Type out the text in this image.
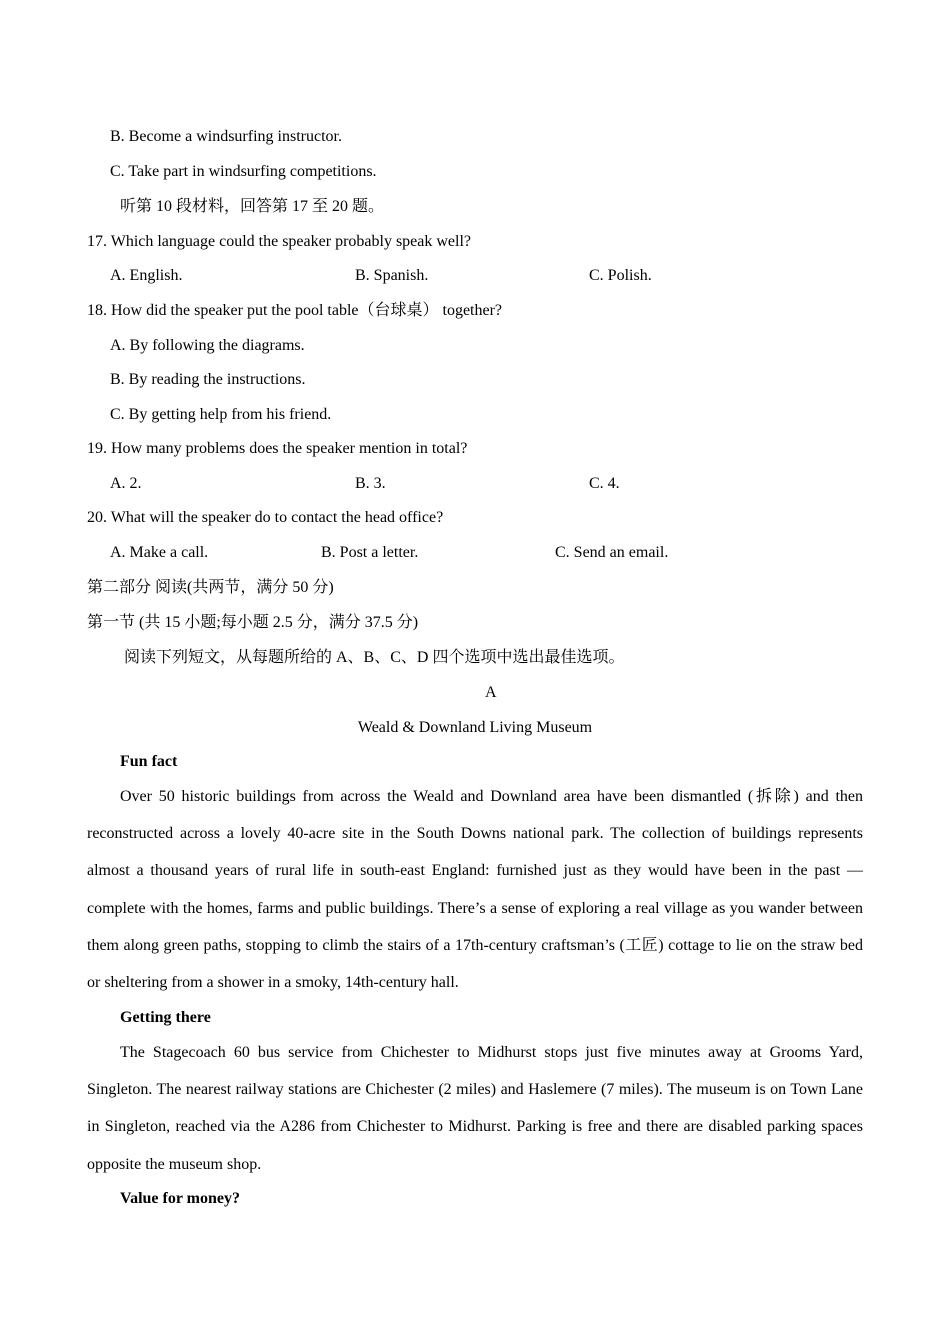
B. Become a windsurfing instructor.
C. Take part in windsurfing competitions.
听第 10 段材料，回答第 17 至 20 题。
17. Which language could the speaker probably speak well?
A. English.	B. Spanish.	C. Polish.
18. How did the speaker put the pool table（台球桌） together?
A. By following the diagrams.
B. By reading the instructions.
C. By getting help from his friend.
19. How many problems does the speaker mention in total?
A. 2.	B. 3.	C. 4.
20. What will the speaker do to contact the head office?
A. Make a call.	B. Post a letter.	C. Send an email.
第二部分 阅读(共两节，满分 50 分)
第一节 (共 15 小题;每小题 2.5 分，满分 37.5 分)
阅读下列短文，从每题所给的 A、B、C、D 四个选项中选出最佳选项。
A
Weald & Downland Living Museum
Fun fact
Over 50 historic buildings from across the Weald and Downland area have been dismantled (拆除) and then reconstructed across a lovely 40-acre site in the South Downs national park. The collection of buildings represents almost a thousand years of rural life in south-east England: furnished just as they would have been in the past — complete with the homes, farms and public buildings. There’s a sense of exploring a real village as you wander between them along green paths, stopping to climb the stairs of a 17th-century craftsman’s (工匠) cottage to lie on the straw bed or sheltering from a shower in a smoky, 14th-century hall.
Getting there
The Stagecoach 60 bus service from Chichester to Midhurst stops just five minutes away at Grooms Yard, Singleton. The nearest railway stations are Chichester (2 miles) and Haslemere (7 miles). The museum is on Town Lane in Singleton, reached via the A286 from Chichester to Midhurst. Parking is free and there are disabled parking spaces opposite the museum shop.
Value for money?
